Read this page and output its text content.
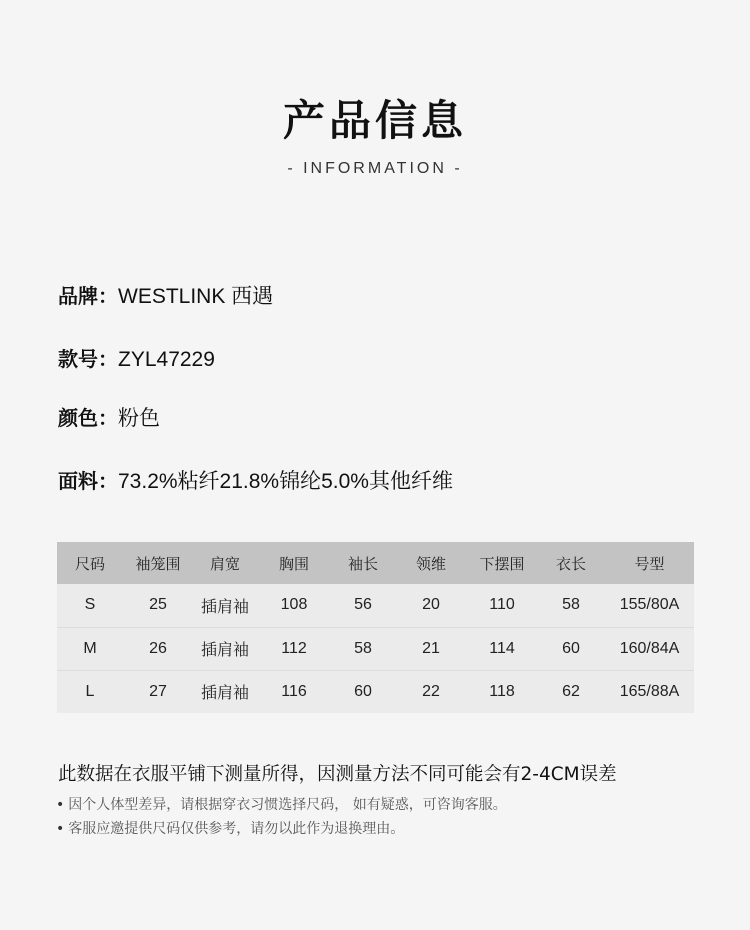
产品信息
- INFORMATION -
品牌：WESTLINK 西遇
款号：ZYL47229
颜色：粉色
面料：73.2%粘纤21.8%锦纶5.0%其他纤维
尺码	袖笼围	肩宽	胸围	袖长	领维	下摆围	衣长	号型
S	25	插肩袖	108	56	20	110	58	155/80A
M	26	插肩袖	112	58	21	114	60	160/84A
L	27	插肩袖	116	60	22	118	62	165/88A
此数据在衣服平铺下测量所得，因测量方法不同可能会有2-4CM误差
• 因个人体型差异，请根据穿衣习惯选择尺码， 如有疑惑，可咨询客服。
• 客服应邀提供尺码仅供参考，请勿以此作为退换理由。
